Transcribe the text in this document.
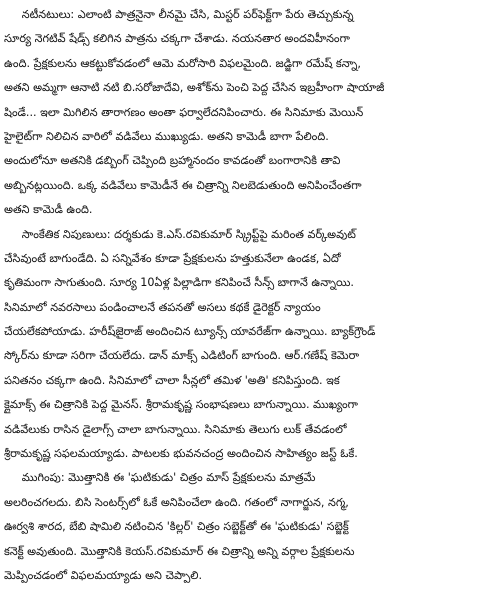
నటీనటులు: ఎలాంటి పాత్రనైనా లీనమై చేసి, మిస్టర్ పర్‌ఫెక్ట్‌గా పేరు తెచ్చుకున్న
సూర్య నెగటివ్ షేడ్స్ కలిగిన పాత్రను చక్కగా చేశాడు. నయనతార అందవిహీనంగా
ఉంది. ప్రేక్షకులను ఆకట్టుకోవడంలో ఆమె మరోసారి విఫలమైంది. జడ్జిగా రమేష్ కన్నా,
అతని అమ్మగా ఆనాటి నటి బి.సరోజాదేవి, అశోక్‌ను పెంచి పెద్ద చేసిన ఇబ్రహీంగా షాయాజీ
షిండే... ఇలా మిగిలిన తారాగణం అంతా ఫర్వాలేదనిపించారు. ఈ సినిమాకు మెయిన్
హైలైట్‌గా నిలిచిన వారిలో వడివేలు ముఖ్యుడు. అతని కామెడీ బాగా పేలింది.
అందులోనూ అతనికి డబ్బింగ్ చెప్పింది బ్రహ్మానందం కావడంతో బంగారానికి తావి
అబ్బినట్లయింది. ఒక్క వడివేలు కామెడీనే ఈ చిత్రాన్ని నిలబెడుతుంది అనిపించేంతగా
అతని కామెడీ ఉంది.
సాంకేతిక నిపుణులు: దర్శకుడు కె.ఎస్.రవికుమార్ స్క్రిప్ట్‌పై మరింత వర్క్అవుట్
చేసివుంటే బాగుండేది. ఏ సన్నివేశం కూడా ప్రేక్షకులను హత్తుకునేలా ఉండక, ఏదో
కృతిమంగా సాగుతుంది. సూర్య 10ఏళ్ల పిల్లాడిగా కనిపించే సీన్స్ బాగానే ఉన్నాయి.
సినిమాలో నవరసాలు పండించాలనే తపనతో అసలు కథకే డైరెక్టర్ న్యాయం
చేయలేకపోయాడు. హరీష్‌జైరాజ్ అందించిన ట్యూన్స్ యావరేజ్‌గా ఉన్నాయి. బ్యాక్‌గ్రౌండ్
స్కోర్‌ను కూడా సరిగా చేయలేదు. డాన్ మాక్స్ ఎడిటింగ్ బాగుంది. ఆర్.గణేష్ కెమెరా
పనితనం చక్కగా ఉంది. సినిమాలో చాలా సీన్లలో తమిళ 'అతి' కనిపిస్తుంది. ఇక
క్లైమాక్స్ ఈ చిత్రానికి పెద్ద మైనస్. శ్రీరామకృష్ణ సంభాషణలు బాగున్నాయి. ముఖ్యంగా
వడివేలుకు రాసిన డైలాగ్స్ చాలా బాగున్నాయి. సినిమాకు తెలుగు లుక్ తేవడంలో
శ్రీరామకృష్ణ సఫలమయ్యాడు. పాటలకు భువనచంద్ర అందించిన సాహిత్యం జస్ట్ ఓకే.
ముగింపు: మొత్తానికి ఈ 'ఘటికుడు' చిత్రం మాస్ ప్రేక్షకులను మాత్రమే
అలరించగలదు. బిసి సెంటర్స్‌లో ఓకే అనిపించేలా ఉంది. గతంలో నాగార్జున, నగ్మ,
ఊర్వశి శారద, బేబి షామిలి నటించిన 'కిల్లర్' చిత్రం సబ్జెక్ట్‌తో ఈ 'ఘటికుడు' సబ్జెక్ట్
కనెక్ట్ అవుతుంది. మొత్తానికి కెయస్.రవికుమార్ ఈ చిత్రాన్ని అన్ని వర్గాల ప్రేక్షకులను
మెప్పించడంలో విఫలమయ్యాడు అని చెప్పాలి.
